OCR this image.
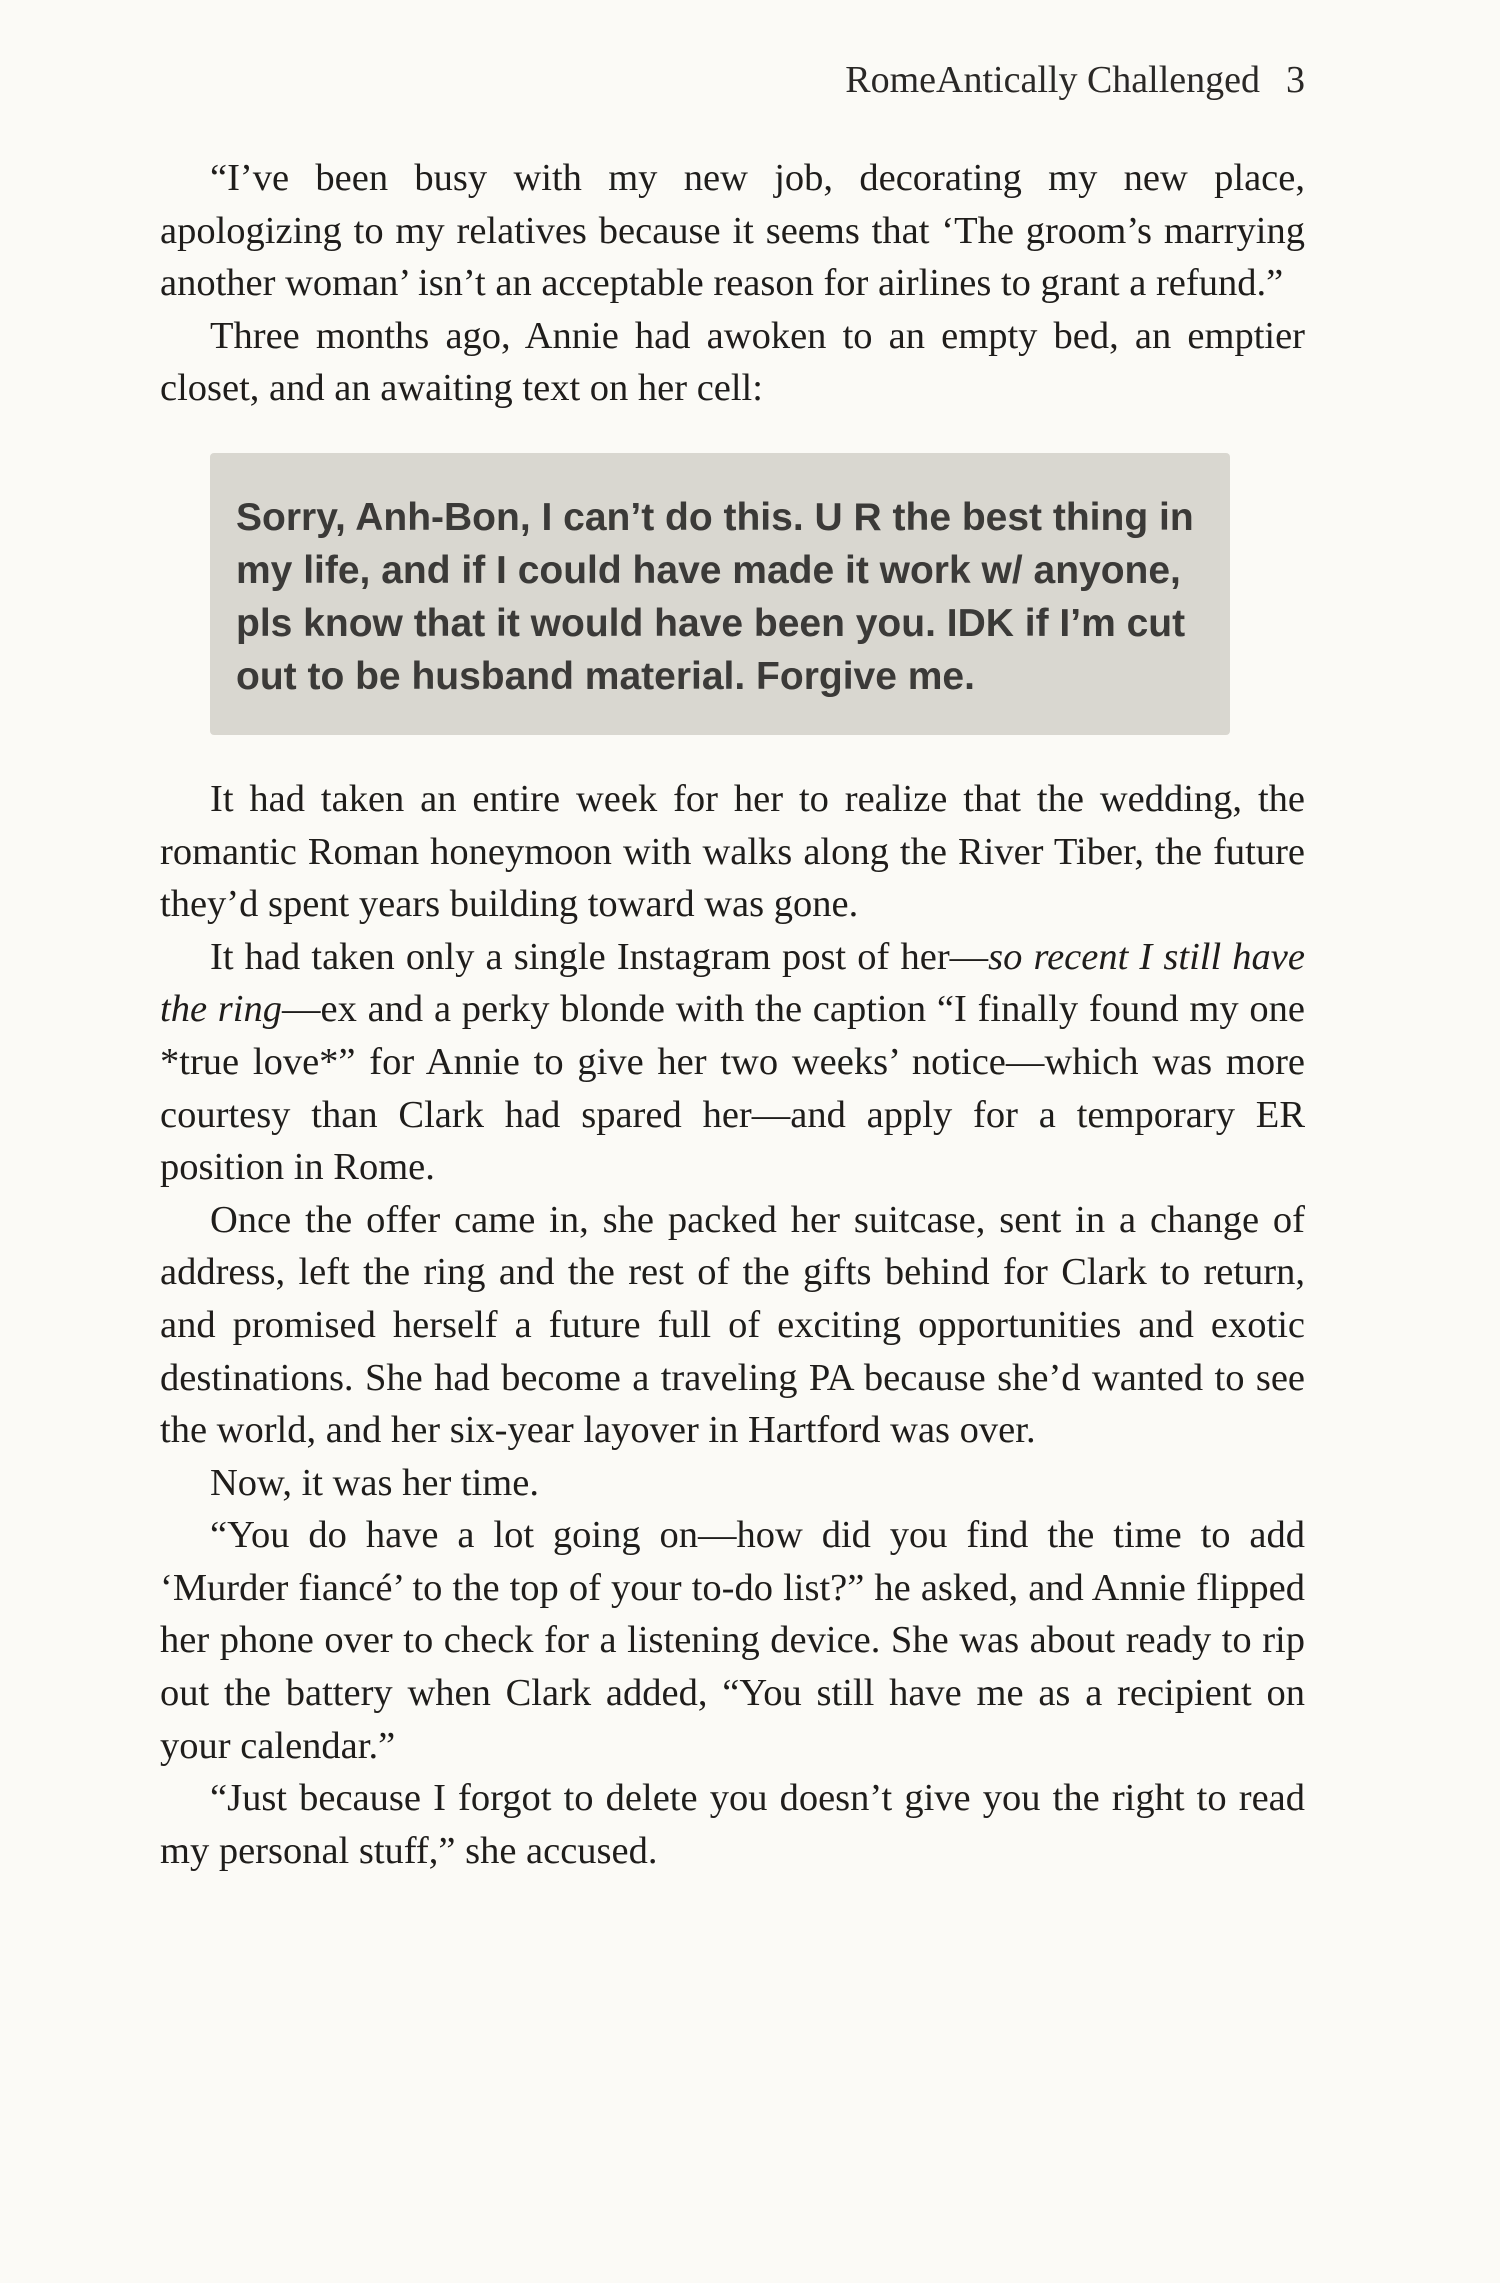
RomeAntically Challenged 3

“I’ve been busy with my new job, decorating my new place, apologizing to my relatives because it seems that ‘The groom’s marrying another woman’ isn’t an acceptable reason for airlines to grant a refund.”

Three months ago, Annie had awoken to an empty bed, an emptier closet, and an awaiting text on her cell:

Sorry, Anh-Bon, I can’t do this. U R the best thing in my life, and if I could have made it work w/ anyone, pls know that it would have been you. IDK if I’m cut out to be husband material. Forgive me.

It had taken an entire week for her to realize that the wedding, the romantic Roman honeymoon with walks along the River Tiber, the future they’d spent years building toward was gone.

It had taken only a single Instagram post of her—so recent I still have the ring—ex and a perky blonde with the caption “I finally found my one *true love*” for Annie to give her two weeks’ notice—which was more courtesy than Clark had spared her—and apply for a temporary ER position in Rome.

Once the offer came in, she packed her suitcase, sent in a change of address, left the ring and the rest of the gifts behind for Clark to return, and promised herself a future full of exciting opportunities and exotic destinations. She had become a traveling PA because she’d wanted to see the world, and her six-year layover in Hartford was over.

Now, it was her time.

“You do have a lot going on—how did you find the time to add ‘Murder fiancé’ to the top of your to-do list?” he asked, and Annie flipped her phone over to check for a listening device. She was about ready to rip out the battery when Clark added, “You still have me as a recipient on your calendar.”

“Just because I forgot to delete you doesn’t give you the right to read my personal stuff,” she accused.
